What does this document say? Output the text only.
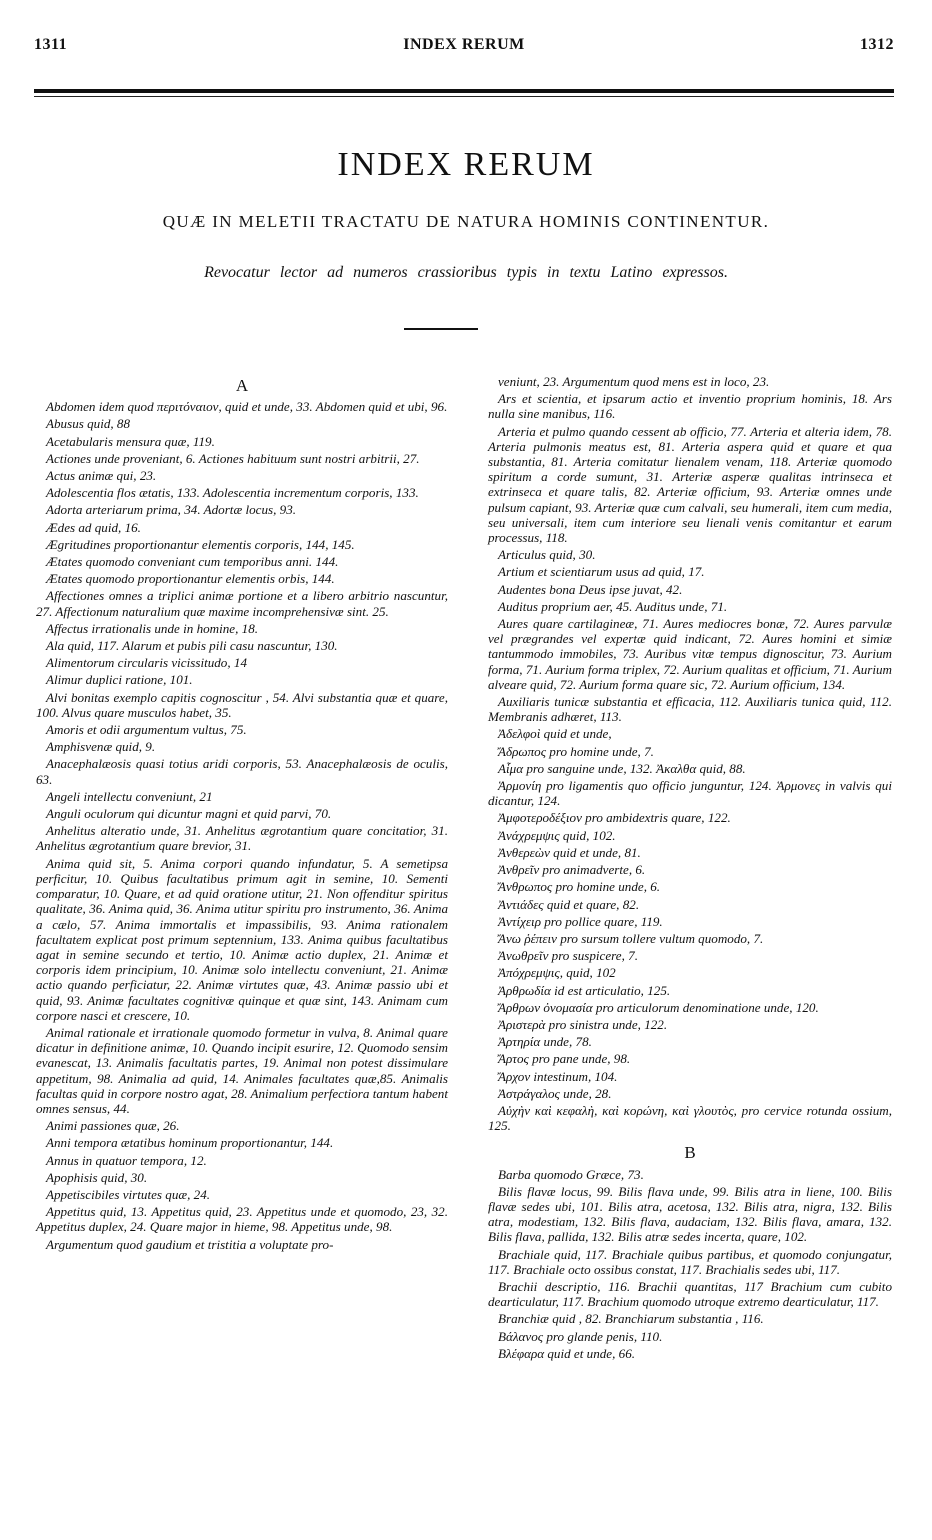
1311	INDEX RERUM	1312
INDEX RERUM
QUÆ IN MELETII TRACTATU DE NATURA HOMINIS CONTINENTUR.
Revocatur lector ad numeros crassioribus typis in textu Latino expressos.

A

Abdomen idem quod περιτόναιον, quid et unde, 33. Abdomen quid et ubi, 96.

Abusus quid, 88

Acetabularis mensura quæ, 119.

Actiones unde proveniant, 6. Actiones habituum sunt nostri arbitrii, 27.

Actus animæ qui, 23.

Adolescentia flos ætatis, 133. Adolescentia incrementum corporis, 133.

Adorta arteriarum prima, 34. Adortæ locus, 93.

Ædes ad quid, 16.

Ægritudines proportionantur elementis corporis, 144, 145.

Ætates quomodo conveniant cum temporibus anni. 144.

Ætates quomodo proportionantur elementis orbis, 144.

Affectiones omnes a triplici animæ portione et a libero arbitrio nascuntur, 27. Affectionum naturalium quæ maxime incomprehensivæ sint. 25.

Affectus irrationalis unde in homine, 18.

Ala quid, 117. Alarum et pubis pili casu nascuntur, 130.

Alimentorum circularis vicissitudo, 14

Alimur duplici ratione, 101.

Alvi bonitas exemplo capitis cognoscitur , 54. Alvi substantia quæ et quare, 100. Alvus quare musculos habet, 35.

Amoris et odii argumentum vultus, 75.

Amphisvenæ quid, 9.

Anacephalæosis quasi totius aridi corporis, 53. Anacephalæosis de oculis, 63.

Angeli intellectu conveniunt, 21

Anguli oculorum qui dicuntur magni et quid parvi, 70.

Anhelitus alteratio unde, 31. Anhelitus ægrotantium quare concitatior, 31. Anhelitus ægrotantium quare brevior, 31.

Anima quid sit, 5. Anima corpori quando infundatur, 5. A semetipsa perficitur, 10. Quibus facultatibus primum agit in semine, 10. Sementi comparatur, 10. Quare, et ad quid oratione utitur, 21. Non offenditur spiritus qualitate, 36. Anima quid, 36. Anima utitur spiritu pro instrumento, 36. Anima a cælo, 57. Anima immortalis et impassibilis, 93. Anima rationalem facultatem explicat post primum septennium, 133. Anima quibus facultatibus agat in semine secundo et tertio, 10. Animæ actio duplex, 21. Animæ et corporis idem principium, 10. Animæ solo intellectu conveniunt, 21. Animæ actio quando perficiatur, 22. Animæ virtutes quæ, 43. Animæ passio ubi et quid, 93. Animæ facultates cognitivæ quinque et quæ sint, 143. Animam cum corpore nasci et crescere, 10.

Animal rationale et irrationale quomodo formetur in vulva, 8. Animal quare dicatur in definitione animæ, 10. Quando incipit esurire, 12. Quomodo sensim evanescat, 13. Animalis facultatis partes, 19. Animal non potest dissimulare appetitum, 98. Animalia ad quid, 14. Animales facultates quæ,85. Animalis facultas quid in corpore nostro agat, 28. Animalium perfectiora tantum habent omnes sensus, 44.

Animi passiones quæ, 26.

Anni tempora ætatibus hominum proportionantur, 144.

Annus in quatuor tempora, 12.

Apophisis quid, 30.

Appetiscibiles virtutes quæ, 24.

Appetitus quid, 13. Appetitus quid, 23. Appetitus unde et quomodo, 23, 32. Appetitus duplex, 24. Quare major in hieme, 98. Appetitus unde, 98.

Argumentum quod gaudium et tristitia a voluptate pro-

veniunt, 23. Argumentum quod mens est in loco, 23.

Ars et scientia, et ipsarum actio et inventio proprium hominis, 18. Ars nulla sine manibus, 116.

Arteria et pulmo quando cessent ab officio, 77. Arteria et alteria idem, 78. Arteria pulmonis meatus est, 81. Arteria aspera quid et quare et qua substantia, 81. Arteria comitatur lienalem venam, 118. Arteriæ quomodo spiritum a corde sumunt, 31. Arteriæ asperæ qualitas intrinseca et extrinseca et quare talis, 82. Arteriæ officium, 93. Arteriæ omnes unde pulsum capiant, 93. Arteriæ quæ cum calvali, seu humerali, item cum media, seu universali, item cum interiore seu lienali venis comitantur et earum processus, 118.

Articulus quid, 30.

Artium et scientiarum usus ad quid, 17.

Audentes bona Deus ipse juvat, 42.

Auditus proprium aer, 45. Auditus unde, 71.

Aures quare cartilagineæ, 71. Aures mediocres bonæ, 72. Aures parvulæ vel prægrandes vel expertæ quid indicant, 72. Aures homini et simiæ tantummodo immobiles, 73. Auribus vitæ tempus dignoscitur, 73. Aurium forma, 71. Aurium forma triplex, 72. Aurium qualitas et officium, 71. Aurium alveare quid, 72. Aurium forma quare sic, 72. Aurium officium, 134.

Auxiliaris tunicæ substantia et efficacia, 112. Auxiliaris tunica quid, 112. Membranis adhæret, 113.

Ἀδελφοὶ quid et unde,

Ἄδρωπος pro homine unde, 7.

Αἷμα pro sanguine unde, 132. Ἀκαλθα quid, 88.

Ἁρμονίη pro ligamentis quo officio junguntur, 124. Ἁρμονες in valvis qui dicantur, 124.

Ἀμφοτεροδέξιον pro ambidextris quare, 122.

Ἀνάχρεμψις quid, 102.

Ἀνθερεὼν quid et unde, 81.

Ἀνθρεῖν pro animadverte, 6.

Ἄνθρωπος pro homine unde, 6.

Ἀντιάδες quid et quare, 82.

Ἀντίχειρ pro pollice quare, 119.

Ἄνω ῥέπειν pro sursum tollere vultum quomodo, 7.

Ἀνωθρεῖν pro suspicere, 7.

Ἀπόχρεμψις, quid, 102

Ἀρθρωδία id est articulatio, 125.

Ἄρθρων ὀνομασία pro articulorum denominatione unde, 120.

Ἀριστερὰ pro sinistra unde, 122.

Ἀρτηρία unde, 78.

Ἄρτος pro pane unde, 98.

Ἄρχον intestinum, 104.

Ἀστράγαλος unde, 28.

Αὐχὴν καὶ κεφαλὴ, καὶ κορώνη, καὶ γλουτὸς, pro cervice rotunda ossium, 125.

B

Barba quomodo Græce, 73.

Bilis flavæ locus, 99. Bilis flava unde, 99. Bilis atra in liene, 100. Bilis flavæ sedes ubi, 101. Bilis atra, acetosa, 132. Bilis atra, nigra, 132. Bilis atra, modestiam, 132. Bilis flava, audaciam, 132. Bilis flava, amara, 132. Bilis flava, pallida, 132. Bilis atræ sedes incerta, quare, 102.

Brachiale quid, 117. Brachiale quibus partibus, et quomodo conjungatur, 117. Brachiale octo ossibus constat, 117. Brachialis sedes ubi, 117.

Brachii descriptio, 116. Brachii quantitas, 117 Brachium cum cubito dearticulatur, 117. Brachium quomodo utroque extremo dearticulatur, 117.

Branchiæ quid , 82. Branchiarum substantia , 116.

Βάλανος pro glande penis, 110.

Βλέφαρα quid et unde, 66.
